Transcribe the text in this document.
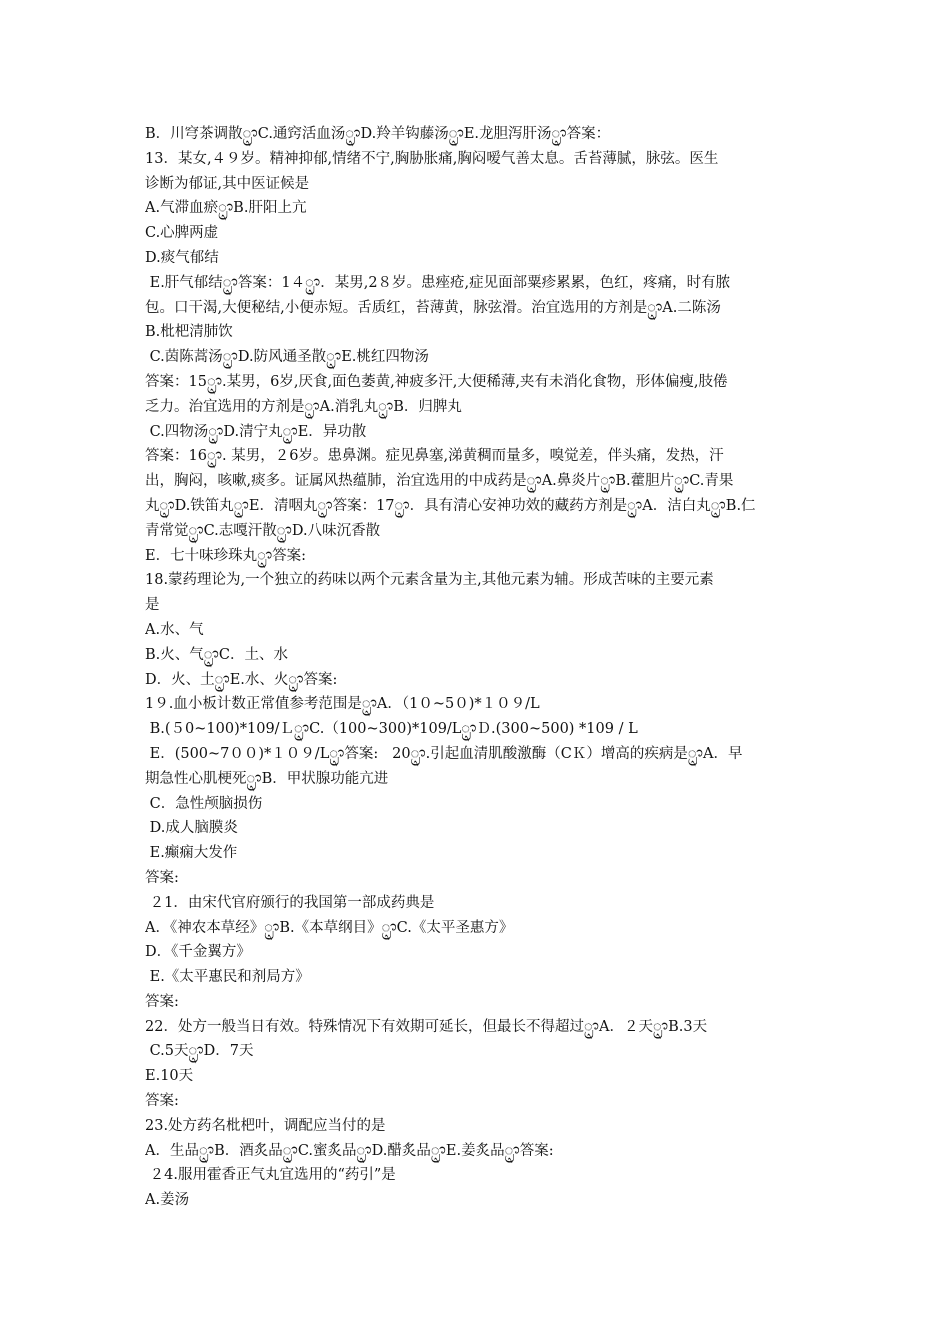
B．川穹茶调散ᬻC.通窍活血汤ᬻD.羚羊钩藤汤ᬻE.龙胆泻肝汤ᬻ答案：
13．某女,４９岁。精神抑郁,情绪不宁,胸胁胀痛,胸闷嗳气善太息。舌苔薄腻，脉弦。医生
诊断为郁证,其中医证候是
A.气滞血瘀ᬻB.肝阳上亢
C.心脾两虚
D.痰气郁结
E.肝气郁结ᬻ答案：1４ᬻ．某男,2８岁。患痤疮,症见面部粟疹累累，色红，疼痛，时有脓
包。口干渴,大便秘结,小便赤短。舌质红，苔薄黄，脉弦滑。治宜选用的方剂是ᬻA.二陈汤
B.枇杷清肺饮
C.茵陈蒿汤ᬻD.防风通圣散ᬻE.桃红四物汤
答案：15ᬻ.某男，6岁,厌食,面色萎黄,神疲多汗,大便稀薄,夹有未消化食物，形体偏瘦,肢倦
乏力。治宜选用的方剂是ᬻA.消乳丸ᬻB．归脾丸
C.四物汤ᬻD.清宁丸ᬻE．异功散
答案：16ᬻ. 某男，２6岁。患鼻渊。症见鼻塞,涕黄稠而量多，嗅觉差，伴头痛，发热，汗
出，胸闷，咳嗽,痰多。证属风热蕴肺，治宜选用的中成药是ᬻA.鼻炎片ᬻB.藿胆片ᬻC.青果
丸ᬻD.铁笛丸ᬻE．清咽丸ᬻ答案：17ᬻ．具有清心安神功效的藏药方剂是ᬻA．洁白丸ᬻB.仁
青常觉ᬻC.志嘎汗散ᬻD.八味沉香散
E．七十味珍珠丸ᬻ答案:
18.蒙药理论为,一个独立的药味以两个元素含量为主,其他元素为辅。形成苦味的主要元素
是
A.水、气
B.火、气ᬻC．土、水
D．火、土ᬻE.水、火ᬻ答案:
1９.血小板计数正常值参考范围是ᬻA．（1０~5０)*１０９/L
B.(５0~100)*109/ＬᬻC.（100~300)*109/LᬻＤ.(300~500) *109 / L
E．(500~7００)*１０９/Lᬻ答案:   20ᬻ.引起血清肌酸激酶（CＫ）增高的疾病是ᬻA．早
期急性心肌梗死ᬻB．甲状腺功能亢进
C．急性颅脑损伤
D.成人脑膜炎
E.癫痫大发作
答案:
２1．由宋代官府颁行的我国第一部成药典是
A．《神农本草经》ᬻB.《本草纲目》ᬻC.《太平圣惠方》
D．《千金翼方》
E.《太平惠民和剂局方》
答案:
22．处方一般当日有效。特殊情况下有效期可延长，但最长不得超过ᬻA．２天ᬻB.3天
C.5天ᬻD．7天
E.10天
答案:
23.处方药名枇杷叶，调配应当付的是
A．生品ᬻB．酒炙品ᬻC.蜜炙品ᬻD.醋炙品ᬻE.姜炙品ᬻ答案:
２4.服用霍香正气丸宜选用的“药引”是
A.姜汤
